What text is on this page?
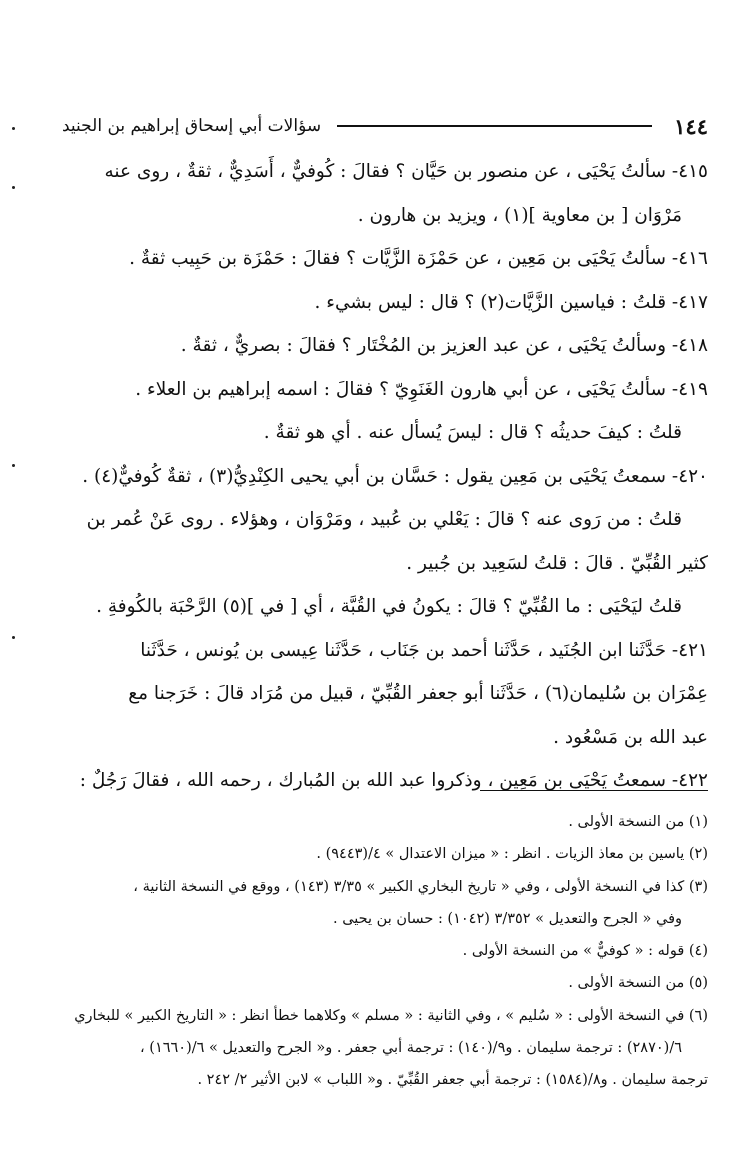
١٤٤
سؤالات أبي إسحاق إبراهيم بن الجنيد
٤١٥- سألتُ يَحْيَى ، عن منصور بن حَيَّان ؟ فقالَ : كُوفيٌّ ، أَسَدِيٌّ ، ثقةٌ ، روى عنه
مَرْوَان [ بن معاوية ](١) ، ويزيد بن هارون .
٤١٦- سألتُ يَحْيَى بن مَعِين ، عن حَمْزَة الزَّيَّات ؟ فقالَ : حَمْزَة بن حَبِيب ثقةٌ .
٤١٧- قلتُ : فياسين الزَّيَّات(٢) ؟ قال : ليس بشيء .
٤١٨- وسألتُ يَحْيَى ، عن عبد العزيز بن المُخْتَار ؟ فقالَ : بصريٌّ ، ثقةٌ .
٤١٩- سألتُ يَحْيَى ، عن أبي هارون الغَنَوِيّ ؟ فقالَ : اسمه إبراهيم بن العلاء .
قلتُ : كيفَ حديثُه ؟ قال : ليسَ يُسأل عنه . أي هو ثقةٌ .
٤٢٠- سمعتُ يَحْيَى بن مَعِين يقول : حَسَّان بن أبي يحيى الكِنْدِيُّ(٣) ، ثقةٌ كُوفيٌّ(٤) .
قلتُ : من رَوى عنه ؟ قالَ : يَعْلي بن عُبيد ، ومَرْوَان ، وهؤلاء . روى عَنْ عُمر بن
كثير القُبِّيّ . قالَ : قلتُ لسَعِيد بن جُبير .
قلتُ ليَحْيَى : ما القُبِّيّ ؟ قالَ : يكونُ في القُبَّة ، أي [ في ](٥) الرَّحْبَة بالكُوفةِ .
٤٢١- حَدَّثَنا ابن الجُنَيد ، حَدَّثَنا أحمد بن جَنَاب ، حَدَّثَنا عِيسى بن يُونس ، حَدَّثَنا
عِمْرَان بن سُليمان(٦) ، حَدَّثَنا أبو جعفر القُبِّيّ ، قبيل من مُرَاد قالَ : خَرَجنا مع
عبد الله بن مَسْعُود .
٤٢٢- سمعتُ يَحْيَى بن مَعِين ، وذكروا عبد الله بن المُبارك ، رحمه الله ، فقالَ رَجُلٌ :
(١) من النسخة الأولى .
(٢) ياسين بن معاذ الزيات . انظر : « ميزان الاعتدال » ٤/(٩٤٤٣) .
(٣) كذا في النسخة الأولى ، وفي « تاريخ البخاري الكبير » ٣/٣٥ (١٤٣) ، ووقع في النسخة الثانية ،
وفي « الجرح والتعديل » ٣/٣٥٢ (١٠٤٢) : حسان بن يحيى .
(٤) قوله : « كوفيٌّ » من النسخة الأولى .
(٥) من النسخة الأولى .
(٦) في النسخة الأولى : « سُليم » ، وفي الثانية : « مسلم » وكلاهما خطأ انظر : « التاريخ الكبير » للبخاري
٦/(٢٨٧٠) : ترجمة سليمان . و٩/(١٤٠) : ترجمة أبي جعفر . و« الجرح والتعديل » ٦/(١٦٦٠) ،
ترجمة سليمان . و٨/(١٥٨٤) : ترجمة أبي جعفر القُبِّيّ . و« اللباب » لابن الأثير ٢/ ٢٤٢ .
